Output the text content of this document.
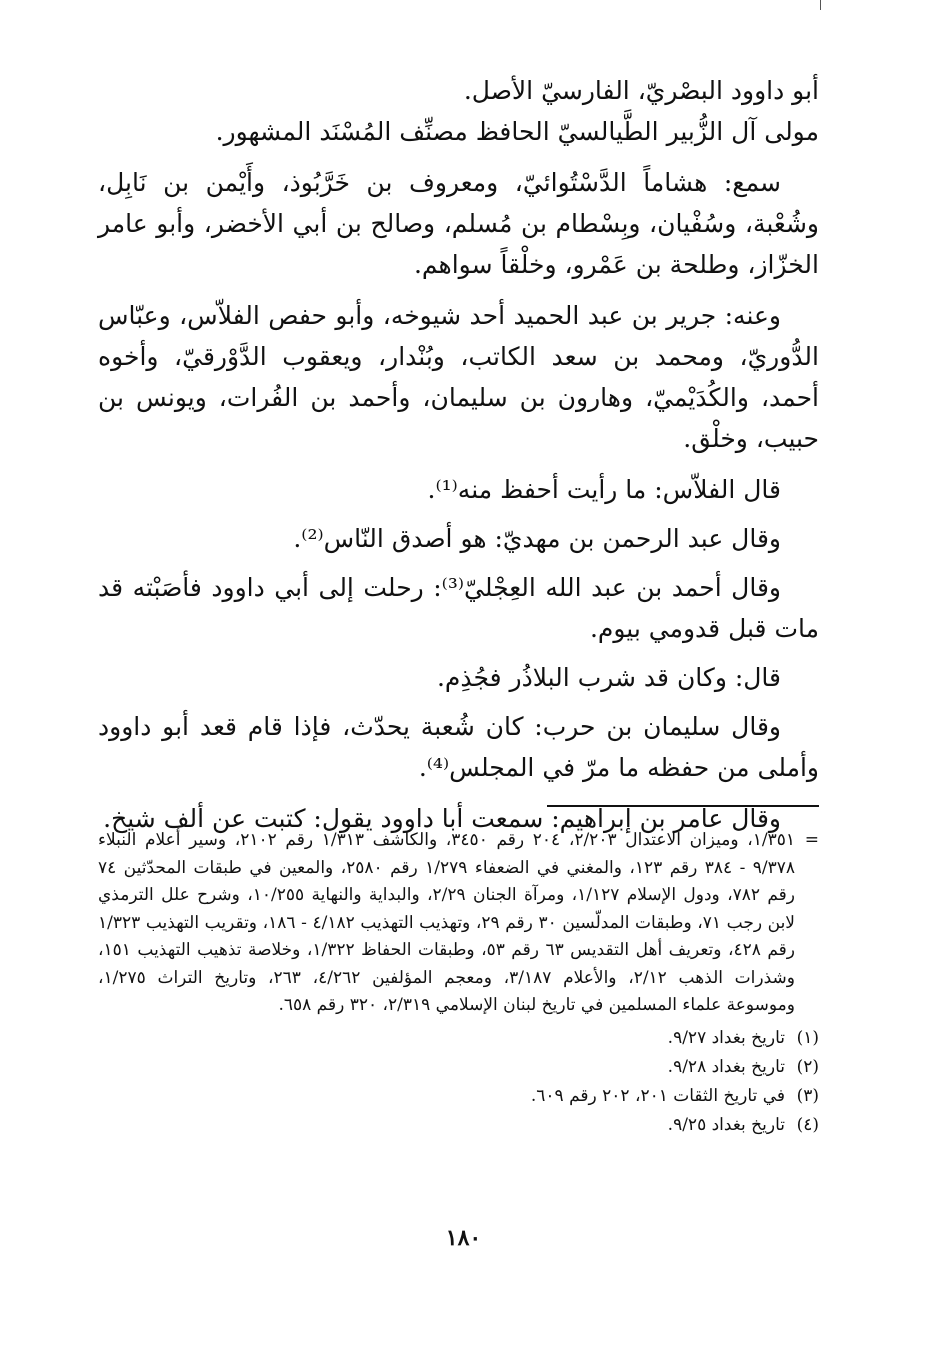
أبو داوود البصْريّ، الفارسيّ الأصل.

مولى آل الزُّبير الطَّيالسيّ الحافظ مصنِّف المُسْنَد المشهور.

سمع: هشاماً الدَّسْتُوائيّ، ومعروف بن خَرَّبُوذ، وأَيْمن بن نَابِل، وشُعْبة، وسُفْيان، وبِسْطام بن مُسلم، وصالح بن أبي الأخضر، وأبو عامر الخزّاز، وطلحة بن عَمْرو، وخلْقاً سواهم.

وعنه: جرير بن عبد الحميد أحد شيوخه، وأبو حفص الفلاّس، وعبّاس الدُّوريّ، ومحمد بن سعد الكاتب، وبُنْدار، ويعقوب الدَّوْرقيّ، وأخوه أحمد، والكُدَيْميّ، وهارون بن سليمان، وأحمد بن الفُرات، ويونس بن حبيب، وخلْق.

قال الفلاّس: ما رأيت أحفظ منه⁽¹⁾.

وقال عبد الرحمن بن مهديّ: هو أصدق النّاس⁽²⁾.

وقال أحمد بن عبد الله العِجْليّ⁽³⁾: رحلت إلى أبي داوود فأصَبْته قد مات قبل قدومي بيوم.

قال: وكان قد شرب البلاذُر فجُذِم.

وقال سليمان بن حرب: كان شُعبة يحدّث، فإذا قام قعد أبو داوود وأملى من حفظه ما مرّ في المجلس⁽⁴⁾.

وقال عامر بن إبراهيم: سمعت أبا داوود يقول: كتبت عن ألف شيخ.

=
١/٣٥١، وميزان الاعتدال ٢/٢٠٣، ٢٠٤ رقم ٣٤٥٠، والكاشف ١/٣١٣ رقم ٢١٠٢، وسير أعلام النبلاء ٩/٣٧٨ - ٣٨٤ رقم ١٢٣، والمغني في الضعفاء ١/٢٧٩ رقم ٢٥٨٠، والمعين في طبقات المحدّثين ٧٤ رقم ٧٨٢، ودول الإسلام ١/١٢٧، ومرآة الجنان ٢/٢٩، والبداية والنهاية ١٠/٢٥٥، وشرح علل الترمذي لابن رجب ٧١، وطبقات المدلّسين ٣٠ رقم ٢٩، وتهذيب التهذيب ٤/١٨٢ - ١٨٦، وتقريب التهذيب ١/٣٢٣ رقم ٤٢٨، وتعريف أهل التقديس ٦٣ رقم ٥٣، وطبقات الحفاظ ١/٣٢٢، وخلاصة تذهيب التهذيب ١٥١، وشذرات الذهب ٢/١٢، والأعلام ٣/١٨٧، ومعجم المؤلفين ٤/٢٦٢، ٢٦٣، وتاريخ التراث ١/٢٧٥، وموسوعة علماء المسلمين في تاريخ لبنان الإسلامي ٢/٣١٩، ٣٢٠ رقم ٦٥٨.
(١)
تاريخ بغداد ٩/٢٧.
(٢)
تاريخ بغداد ٩/٢٨.
(٣)
في تاريخ الثقات ٢٠١، ٢٠٢ رقم ٦٠٩.
(٤)
تاريخ بغداد ٩/٢٥.
١٨٠
